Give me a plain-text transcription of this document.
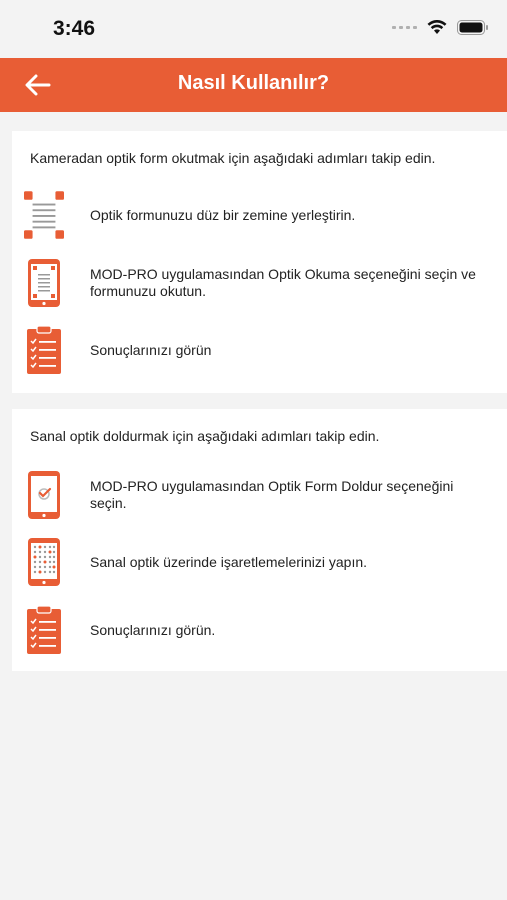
3:46
Nasıl Kullanılır?
Kameradan optik form okutmak için aşağıdaki adımları takip edin.
Optik formunuzu düz bir zemine yerleştirin.
MOD-PRO uygulamasından Optik Okuma seçeneğini seçin ve formunuzu okutun.
Sonuçlarınızı görün
Sanal optik doldurmak için aşağıdaki adımları takip edin.
MOD-PRO uygulamasından Optik Form Doldur seçeneğini seçin.
Sanal optik üzerinde işaretlemelerinizi yapın.
Sonuçlarınızı görün.
